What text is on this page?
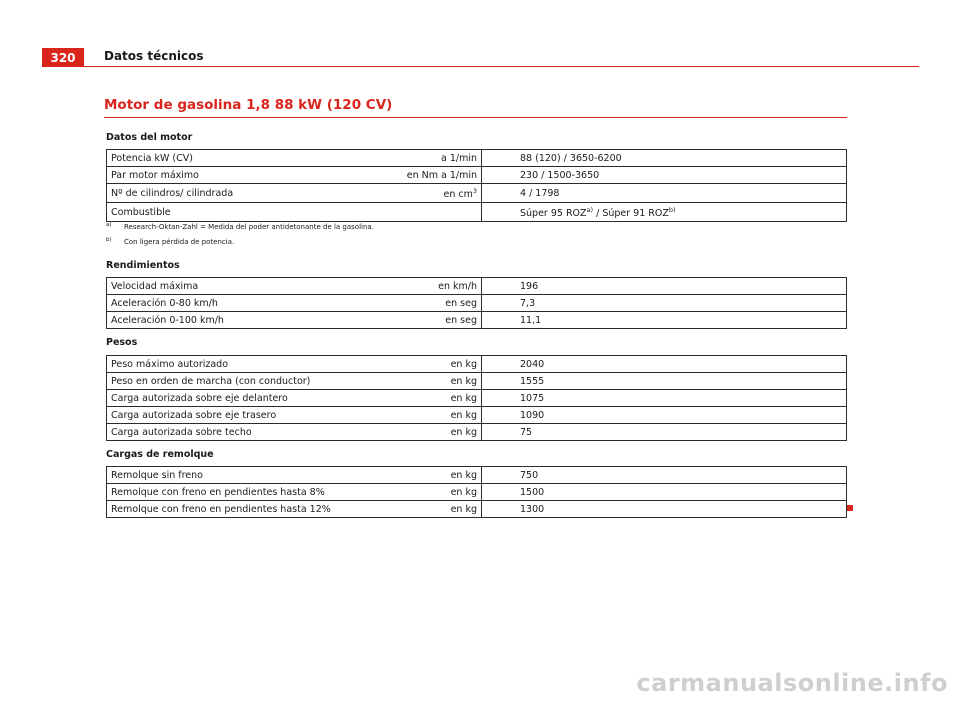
320	Datos técnicos
Motor de gasolina 1,8 88 kW (120 CV)
Datos del motor
Potencia kW (CV)	a 1/min	88 (120) / 3650-6200
Par motor máximo	en Nm a 1/min	230 / 1500-3650
Nº de cilindros/ cilindrada	en $cm^3$	4 / 1798
Combustible		Súper 95 ROZ$^{a)}$ / Súper 91 ROZ$^{b)}$
a)	Research-Oktan-Zahl = Medida del poder antidetonante de la gasolina.
b)	Con ligera pérdida de potencia.
Rendimientos
Velocidad máxima	en km/h	196
Aceleración 0-80 km/h	en seg	7,3
Aceleración 0-100 km/h	en seg	11,1
Pesos
Peso máximo autorizado	en kg	2040
Peso en orden de marcha (con conductor)	en kg	1555
Carga autorizada sobre eje delantero	en kg	1075
Carga autorizada sobre eje trasero	en kg	1090
Carga autorizada sobre techo	en kg	75
Cargas de remolque
Remolque sin freno	en kg	750
Remolque con freno en pendientes hasta 8%	en kg	1500
Remolque con freno en pendientes hasta 12%	en kg	1300
carmanualsonline.info
